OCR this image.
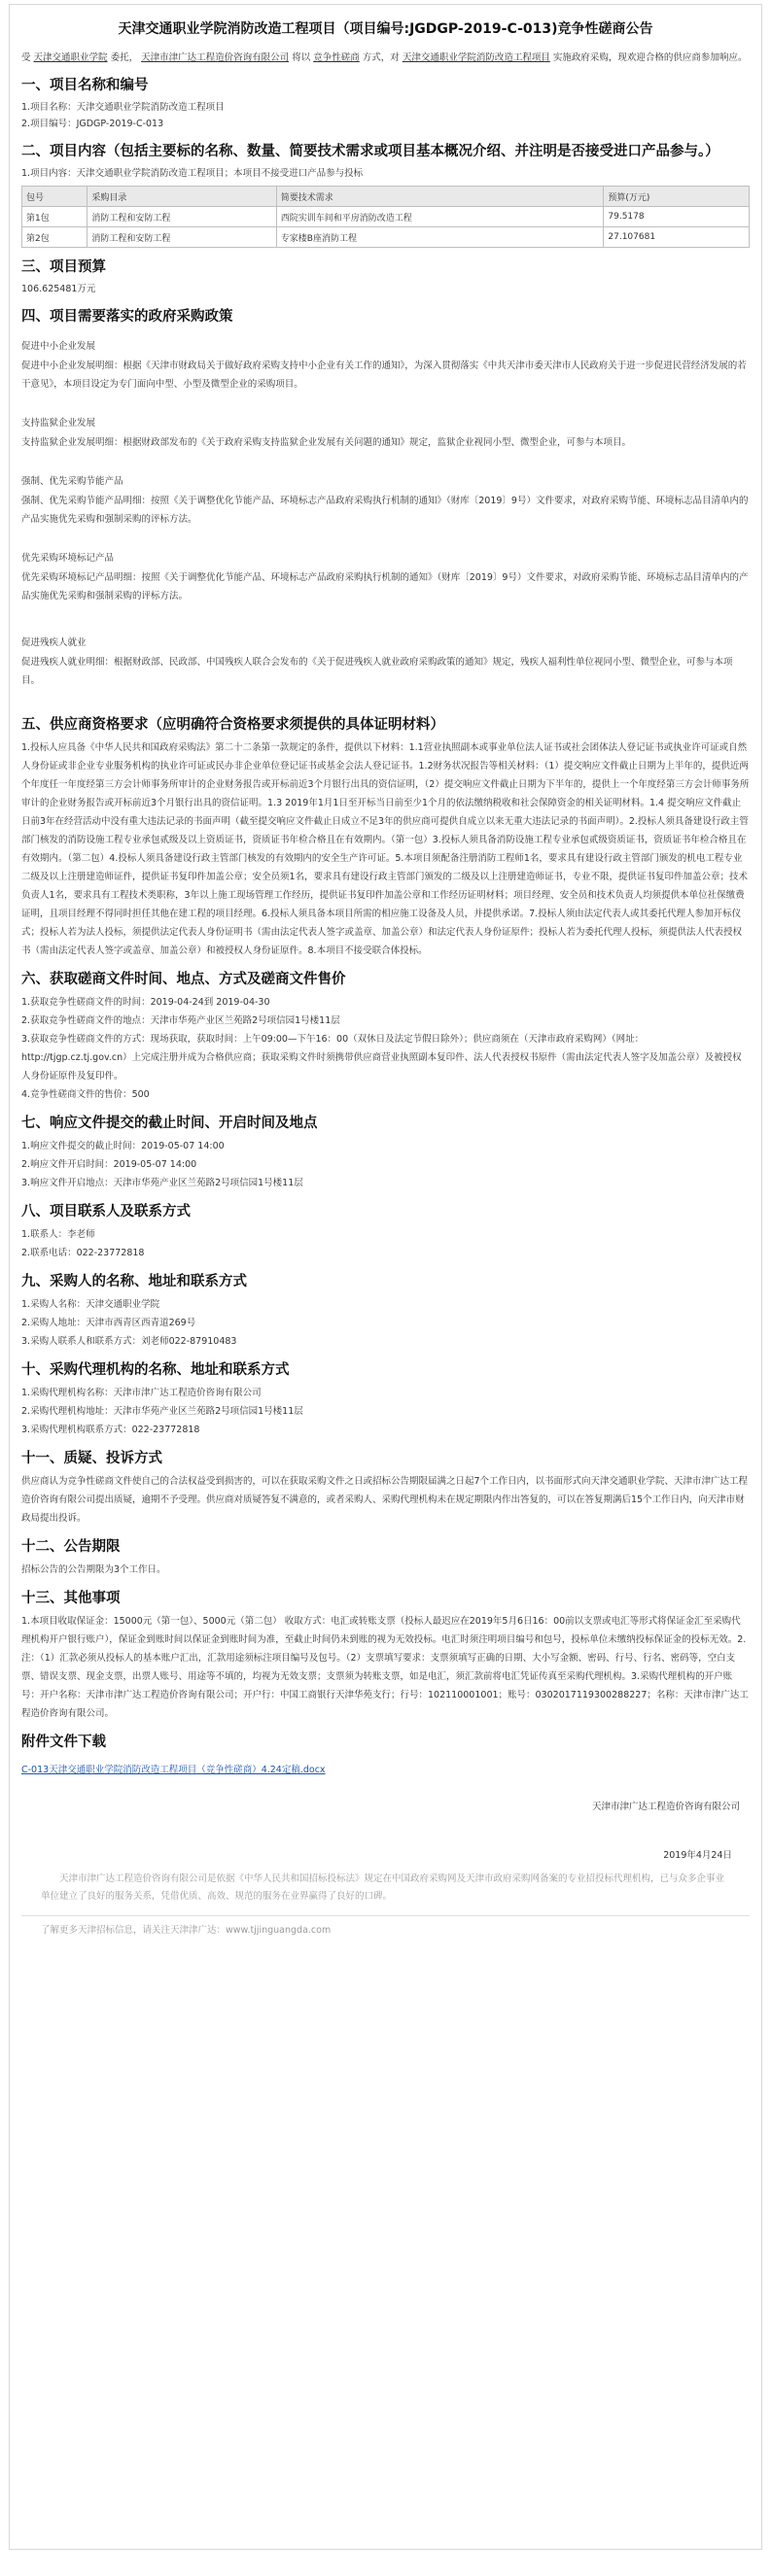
天津交通职业学院消防改造工程项目（项目编号:JGDGP-2019-C-013)竞争性磋商公告
受 天津交通职业学院 委托， 天津市津广达工程造价咨询有限公司 将以 竞争性磋商 方式，对 天津交通职业学院消防改造工程项目 实施政府采购，现欢迎合格的供应商参加响应。
一、项目名称和编号

1.项目名称：天津交通职业学院消防改造工程项目

2.项目编号：JGDGP-2019-C-013

二、项目内容（包括主要标的名称、数量、简要技术需求或项目基本概况介绍、并注明是否接受进口产品参与。）

1.项目内容：天津交通职业学院消防改造工程项目；本项目不接受进口产品参与投标

包号	采购目录	简要技术需求	预算(万元)
第1包	消防工程和安防工程	西院实训车间和平房消防改造工程	79.5178
第2包	消防工程和安防工程	专家楼B座消防工程	27.107681
三、项目预算

106.625481万元

四、项目需要落实的政府采购政策

促进中小企业发展

促进中小企业发展明细：根据《天津市财政局关于做好政府采购支持中小企业有关工作的通知》，为深入贯彻落实《中共天津市委天津市人民政府关于进一步促进民营经济发展的若干意见》，本项目设定为专门面向中型、小型及微型企业的采购项目。

支持监狱企业发展

支持监狱企业发展明细：根据财政部发布的《关于政府采购支持监狱企业发展有关问题的通知》规定，监狱企业视同小型、微型企业，可参与本项目。

强制、优先采购节能产品

强制、优先采购节能产品明细：按照《关于调整优化节能产品、环境标志产品政府采购执行机制的通知》（财库〔2019〕9号）文件要求，对政府采购节能、环境标志品目清单内的产品实施优先采购和强制采购的评标方法。

优先采购环境标记产品

优先采购环境标记产品明细：按照《关于调整优化节能产品、环境标志产品政府采购执行机制的通知》（财库〔2019〕9号）文件要求，对政府采购节能、环境标志品目清单内的产品实施优先采购和强制采购的评标方法。

促进残疾人就业

促进残疾人就业明细：根据财政部、民政部、中国残疾人联合会发布的《关于促进残疾人就业政府采购政策的通知》规定，残疾人福利性单位视同小型、微型企业，可参与本项目。

五、供应商资格要求（应明确符合资格要求须提供的具体证明材料）

1.投标人应具备《中华人民共和国政府采购法》第二十二条第一款规定的条件，提供以下材料：1.1营业执照副本或事业单位法人证书或社会团体法人登记证书或执业许可证或自然人身份证或非企业专业服务机构的执业许可证或民办非企业单位登记证书或基金会法人登记证书。1.2财务状况报告等相关材料：（1）提交响应文件截止日期为上半年的，提供近两个年度任一年度经第三方会计师事务所审计的企业财务报告或开标前近3个月银行出具的资信证明，（2）提交响应文件截止日期为下半年的，提供上一个年度经第三方会计师事务所审计的企业财务报告或开标前近3个月银行出具的资信证明。1.3 2019年1月1日至开标当日前至少1个月的依法缴纳税收和社会保障资金的相关证明材料。1.4 提交响应文件截止日前3年在经营活动中没有重大违法记录的书面声明（截至提交响应文件截止日成立不足3年的供应商可提供自成立以来无重大违法记录的书面声明）。2.投标人须具备建设行政主管部门核发的消防设施工程专业承包贰级及以上资质证书，资质证书年检合格且在有效期内。（第一包）3.投标人须具备消防设施工程专业承包贰级资质证书，资质证书年检合格且在有效期内。（第二包）4.投标人须具备建设行政主管部门核发的有效期内的安全生产许可证。5.本项目须配备注册消防工程师1名，要求具有建设行政主管部门颁发的机电工程专业二级及以上注册建造师证件，提供证书复印件加盖公章；安全员须1名，要求具有建设行政主管部门颁发的二级及以上注册建造师证书，专业不限，提供证书复印件加盖公章；技术负责人1名，要求具有工程技术类职称，3年以上施工现场管理工作经历，提供证书复印件加盖公章和工作经历证明材料；项目经理、安全员和技术负责人均须提供本单位社保缴费证明，且项目经理不得同时担任其他在建工程的项目经理。6.投标人须具备本项目所需的相应施工设备及人员，并提供承诺。7.投标人须由法定代表人或其委托代理人参加开标仪式；投标人若为法人投标，须提供法定代表人身份证明书（需由法定代表人签字或盖章、加盖公章）和法定代表人身份证原件；投标人若为委托代理人投标，须提供法人代表授权书（需由法定代表人签字或盖章、加盖公章）和被授权人身份证原件。8.本项目不接受联合体投标。

六、获取磋商文件时间、地点、方式及磋商文件售价

1.获取竞争性磋商文件的时间：2019-04-24到 2019-04-30

2.获取竞争性磋商文件的地点：天津市华苑产业区兰苑路2号项信园1号楼11层

3.获取竞争性磋商文件的方式：现场获取，获取时间：上午09:00—下午16：00（双休日及法定节假日除外）；供应商须在（天津市政府采购网）（网址：http://tjgp.cz.tj.gov.cn）上完成注册并成为合格供应商；获取采购文件时须携带供应商营业执照副本复印件、法人代表授权书原件（需由法定代表人签字及加盖公章）及被授权人身份证原件及复印件。

4.竞争性磋商文件的售价：500

七、响应文件提交的截止时间、开启时间及地点

1.响应文件提交的截止时间：2019-05-07 14:00

2.响应文件开启时间：2019-05-07 14:00

3.响应文件开启地点：天津市华苑产业区兰苑路2号项信园1号楼11层

八、项目联系人及联系方式

1.联系人：李老师

2.联系电话：022-23772818

九、采购人的名称、地址和联系方式

1.采购人名称：天津交通职业学院

2.采购人地址：天津市西青区西青道269号

3.采购人联系人和联系方式：刘老师022-87910483

十、采购代理机构的名称、地址和联系方式

1.采购代理机构名称：天津市津广达工程造价咨询有限公司

2.采购代理机构地址：天津市华苑产业区兰苑路2号项信园1号楼11层

3.采购代理机构联系方式：022-23772818

十一、质疑、投诉方式

供应商认为竞争性磋商文件使自己的合法权益受到损害的，可以在获取采购文件之日或招标公告期限届满之日起7个工作日内，以书面形式向天津交通职业学院、天津市津广达工程造价咨询有限公司提出质疑，逾期不予受理。供应商对质疑答复不满意的，或者采购人、采购代理机构未在规定期限内作出答复的，可以在答复期满后15个工作日内，向天津市财政局提出投诉。

十二、公告期限

招标公告的公告期限为3个工作日。

十三、其他事项

1.本项目收取保证金：15000元（第一包）、5000元（第二包） 收取方式：电汇或转账支票（投标人最迟应在2019年5月6日16：00前以支票或电汇等形式将保证金汇至采购代理机构开户银行账户），保证金到账时间以保证金到账时间为准，至截止时间仍未到账的视为无效投标。电汇时须注明项目编号和包号，投标单位未缴纳投标保证金的投标无效。2.注：（1）汇款必须从投标人的基本账户汇出，汇款用途须标注项目编号及包号。（2）支票填写要求：支票须填写正确的日期、大小写金额、密码、行号、行名、密码等，空白支票、错误支票、现金支票，出票人账号、用途等不填的，均视为无效支票；支票须为转账支票，如是电汇，须汇款前将电汇凭证传真至采购代理机构。3.采购代理机构的开户账号：开户名称：天津市津广达工程造价咨询有限公司；开户行：中国工商银行天津华苑支行；行号：102110001001；账号：0302017119300288227；名称：天津市津广达工程造价咨询有限公司。

附件文件下载
C-013天津交通职业学院消防改造工程项目（竞争性磋商）4.24定稿.docx
天津市津广达工程造价咨询有限公司
2019年4月24日

天津市津广达工程造价咨询有限公司是依据《中华人民共和国招标投标法》规定在中国政府采购网及天津市政府采购网备案的专业招投标代理机构，已与众多企事业单位建立了良好的服务关系，凭借优质、高效、规范的服务在业界赢得了良好的口碑。

了解更多天津招标信息，请关注天津津广达：www.tjjinguangda.com
